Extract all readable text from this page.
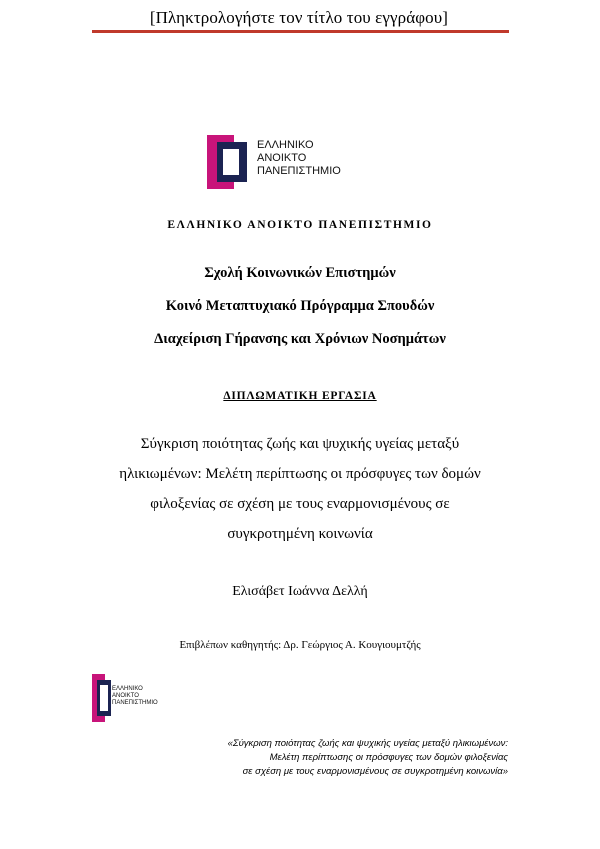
[Πληκτρολογήστε τον τίτλο του εγγράφου]
ΕΛΛΗΝΙΚΟ
ΑΝΟΙΚΤΟ
ΠΑΝΕΠΙΣΤΗΜΙΟ
ΕΛΛΗΝΙΚΟ ΑΝΟΙΚΤΟ ΠΑΝΕΠΙΣΤΗΜΙΟ
Σχολή Κοινωνικών Επιστημών
Κοινό Μεταπτυχιακό Πρόγραμμα Σπουδών
Διαχείριση Γήρανσης και Χρόνιων Νοσημάτων
ΔΙΠΛΩΜΑΤΙΚΗ ΕΡΓΑΣΙΑ
Σύγκριση ποιότητας ζωής και ψυχικής υγείας μεταξύ
ηλικιωμένων: Μελέτη περίπτωσης οι πρόσφυγες των δομών
φιλοξενίας σε σχέση με τους εναρμονισμένους σε
συγκροτημένη κοινωνία
Ελισάβετ Ιωάννα Δελλή
Επιβλέπων καθηγητής: Δρ. Γεώργιος Α. Κουγιουμτζής
ΕΛΛΗΝΙΚΟ
ΑΝΟΙΚΤΟ
ΠΑΝΕΠΙΣΤΗΜΙΟ
«Σύγκριση ποιότητας ζωής και ψυχικής υγείας μεταξύ ηλικιωμένων:
Μελέτη περίπτωσης οι πρόσφυγες των δομών φιλοξενίας
σε σχέση με τους εναρμονισμένους σε συγκροτημένη κοινωνία»
